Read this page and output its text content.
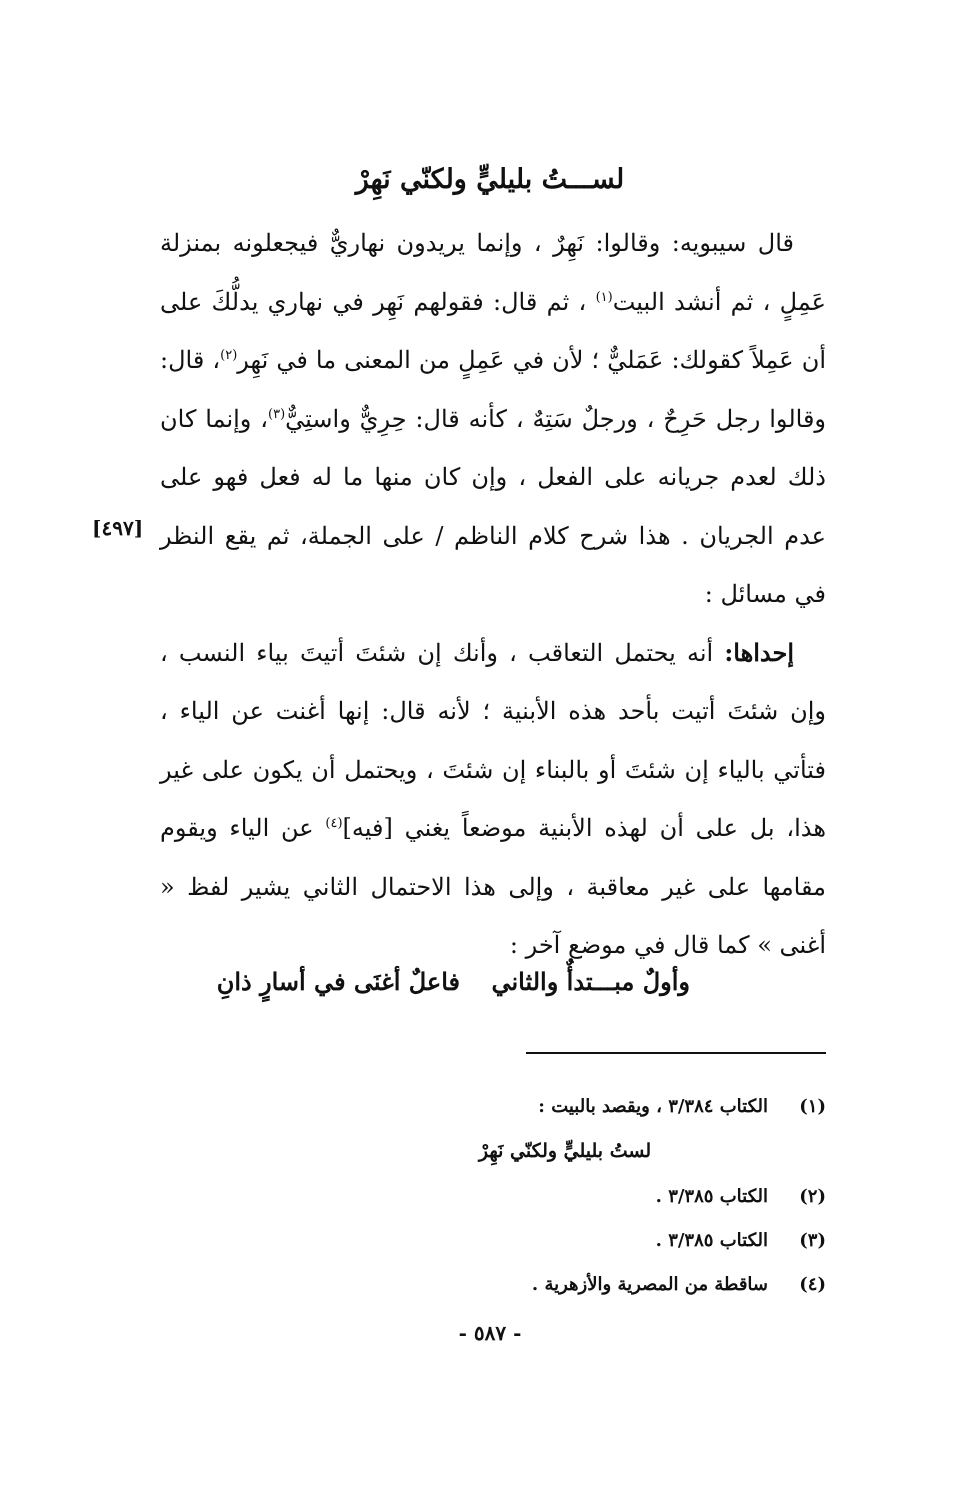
لســـتُ بليليٍّ ولكنّي نَهِرْ

قال سيبويه: وقالوا: نَهِرٌ ، وإنما يريدون نهاريٌّ فيجعلونه بمنزلة عَمِلٍ ، ثم أنشد البيت$^{(١)}$ ، ثم قال: فقولهم نَهِر في نهاري يدلُّكَ على أن عَمِلاً كقولك: عَمَليٌّ ؛ لأن في عَمِلٍ من المعنى ما في نَهِر$^{(٢)}$، قال: وقالوا رجل حَرِحٌ ، ورجلٌ سَتِهٌ ، كأنه قال: حِرِيٌّ واستِيٌّ$^{(٣)}$، وإنما كان ذلك لعدم جريانه على الفعل ، وإن كان منها ما له فعل فهو على عدم الجريان . هذا شرح كلام الناظم / على الجملة، ثم يقع النظر في مسائل :

إحداها: أنه يحتمل التعاقب ، وأنك إن شئتَ أتيتَ بياء النسب ، وإن شئتَ أتيت بأحد هذه الأبنية ؛ لأنه قال: إنها أغنت عن الياء ، فتأتي بالياء إن شئتَ أو بالبناء إن شئتَ ، ويحتمل أن يكون على غير هذا، بل على أن لهذه الأبنية موضعاً يغني [فيه]$^{(٤)}$ عن الياء ويقوم مقامها على غير معاقبة ، وإلى هذا الاحتمال الثاني يشير لفظ « أغنى » كما قال في موضع آخر :

[٤٩٧]
وأولٌ مبـــتدأٌ والثاني
فاعلٌ أغنَى في أسارٍ ذانِ
(١)الكتاب ٣/٣٨٤ ، ويقصد بالبيت :
لستُ بليليٍّ ولكنّي نَهِرْ
(٢)الكتاب ٣/٣٨٥ .
(٣)الكتاب ٣/٣٨٥ .
(٤)ساقطة من المصرية والأزهرية .
- ٥٨٧ -
